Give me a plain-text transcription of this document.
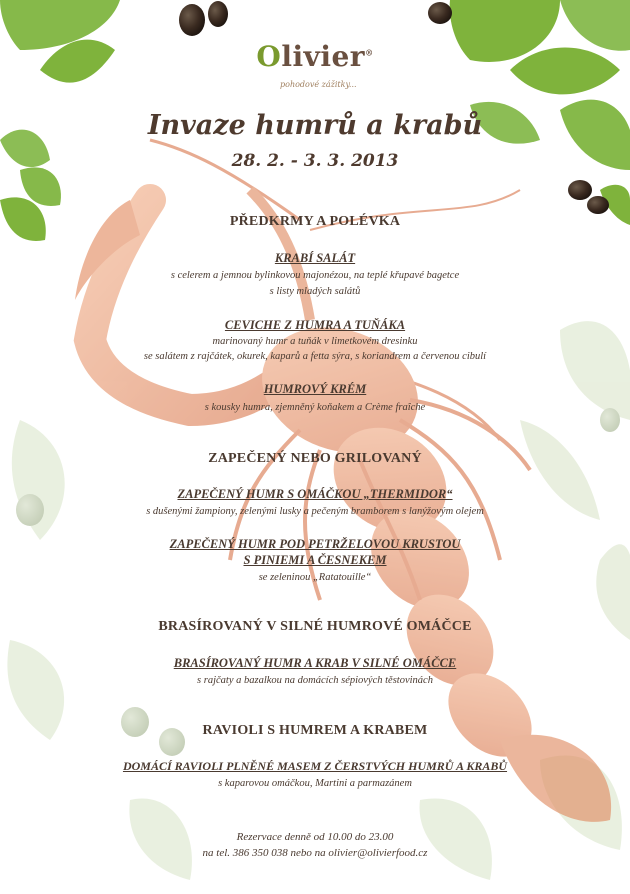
Olivier®
pohodové zážitky...
Invaze humrů a krabů
28. 2. - 3. 3. 2013
PŘEDKRMY A POLÉVKA
KRABÍ SALÁT
s celerem a jemnou bylinkovou majonézou, na teplé křupavé bagetce
s listy mladých salátů
CEVICHE Z HUMRA A TUŇÁKA
marinovaný humr a tuňák v limetkovém dresinku
se salátem z rajčátek, okurek, kaparů a fetta sýra, s koriandrem a červenou cibulí
HUMROVÝ KRÉM
s kousky humra, zjemněný koňakem a Crème fraîche
ZAPEČENÝ NEBO GRILOVANÝ
ZAPEČENÝ HUMR S OMÁČKOU „THERMIDOR“
s dušenými žampiony, zelenými lusky a pečeným bramborem s lanýžovým olejem
ZAPEČENÝ HUMR POD PETRŽELOVOU KRUSTOU
S PINIEMI A ČESNEKEM
se zeleninou „Ratatouille“
BRASÍROVANÝ V SILNÉ HUMROVÉ OMÁČCE
BRASÍROVANÝ HUMR A KRAB V SILNÉ OMÁČCE
s rajčaty a bazalkou na domácích sépiových těstovinách
RAVIOLI S HUMREM A KRABEM
DOMÁCÍ RAVIOLI PLNĚNÉ MASEM Z ČERSTVÝCH HUMRŮ A KRABŮ
s kaparovou omáčkou, Martini a parmazánem
Rezervace denně od 10.00 do 23.00
na tel. 386 350 038 nebo na olivier@olivierfood.cz
